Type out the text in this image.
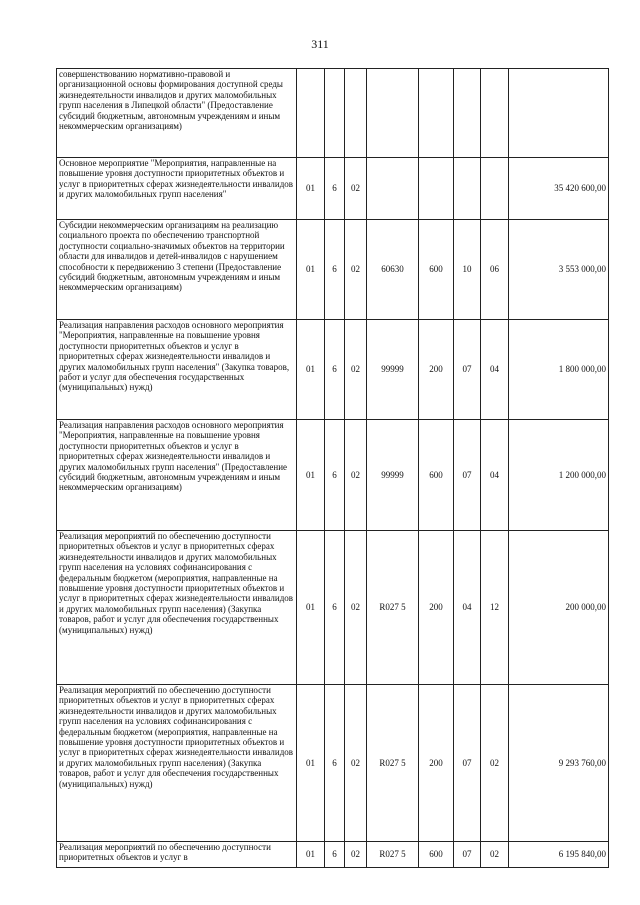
311
совершенствованию нормативно-правовой и организационной основы формирования доступной среды жизнедеятельности инвалидов и других маломобильных групп населения в Липецкой области" (Предоставление субсидий бюджетным, автономным учреждениям и иным некоммерческим организациям)								
Основное мероприятие "Мероприятия, направленные на повышение уровня доступности приоритетных объектов и услуг в приоритетных сферах жизнедеятельности инвалидов и других маломобильных групп населения"	01	6	02					35 420 600,00
Субсидии некоммерческим организациям на реализацию социального проекта по обеспечению транспортной доступности социально-значимых объектов на территории области для инвалидов и детей-инвалидов с нарушением способности к передвижению 3 степени (Предоставление субсидий бюджетным, автономным учреждениям и иным некоммерческим организациям)	01	6	02	60630	600	10	06	3 553 000,00
Реализация направления расходов основного мероприятия "Мероприятия, направленные на повышение уровня доступности приоритетных объектов и услуг в приоритетных сферах жизнедеятельности инвалидов и других маломобильных групп населения" (Закупка товаров, работ и услуг для обеспечения государственных (муниципальных) нужд)	01	6	02	99999	200	07	04	1 800 000,00
Реализация направления расходов основного мероприятия "Мероприятия, направленные на повышение уровня доступности приоритетных объектов и услуг в приоритетных сферах жизнедеятельности инвалидов и других маломобильных групп населения" (Предоставление субсидий бюджетным, автономным учреждениям и иным некоммерческим организациям)	01	6	02	99999	600	07	04	1 200 000,00
Реализация мероприятий по обеспечению доступности приоритетных объектов и услуг в приоритетных сферах жизнедеятельности инвалидов и других маломобильных групп населения на условиях софинансирования с федеральным бюджетом (мероприятия, направленные на повышение уровня доступности приоритетных объектов и услуг в приоритетных сферах жизнедеятельности инвалидов и других маломобильных групп населения) (Закупка товаров, работ и услуг для обеспечения государственных (муниципальных) нужд)	01	6	02	R027 5	200	04	12	200 000,00
Реализация мероприятий по обеспечению доступности приоритетных объектов и услуг в приоритетных сферах жизнедеятельности инвалидов и других маломобильных групп населения на условиях софинансирования с федеральным бюджетом (мероприятия, направленные на повышение уровня доступности приоритетных объектов и услуг в приоритетных сферах жизнедеятельности инвалидов и других маломобильных групп населения) (Закупка товаров, работ и услуг для обеспечения государственных (муниципальных) нужд)	01	6	02	R027 5	200	07	02	9 293 760,00
Реализация мероприятий по обеспечению доступности приоритетных объектов и услуг в	01	6	02	R027 5	600	07	02	6 195 840,00
